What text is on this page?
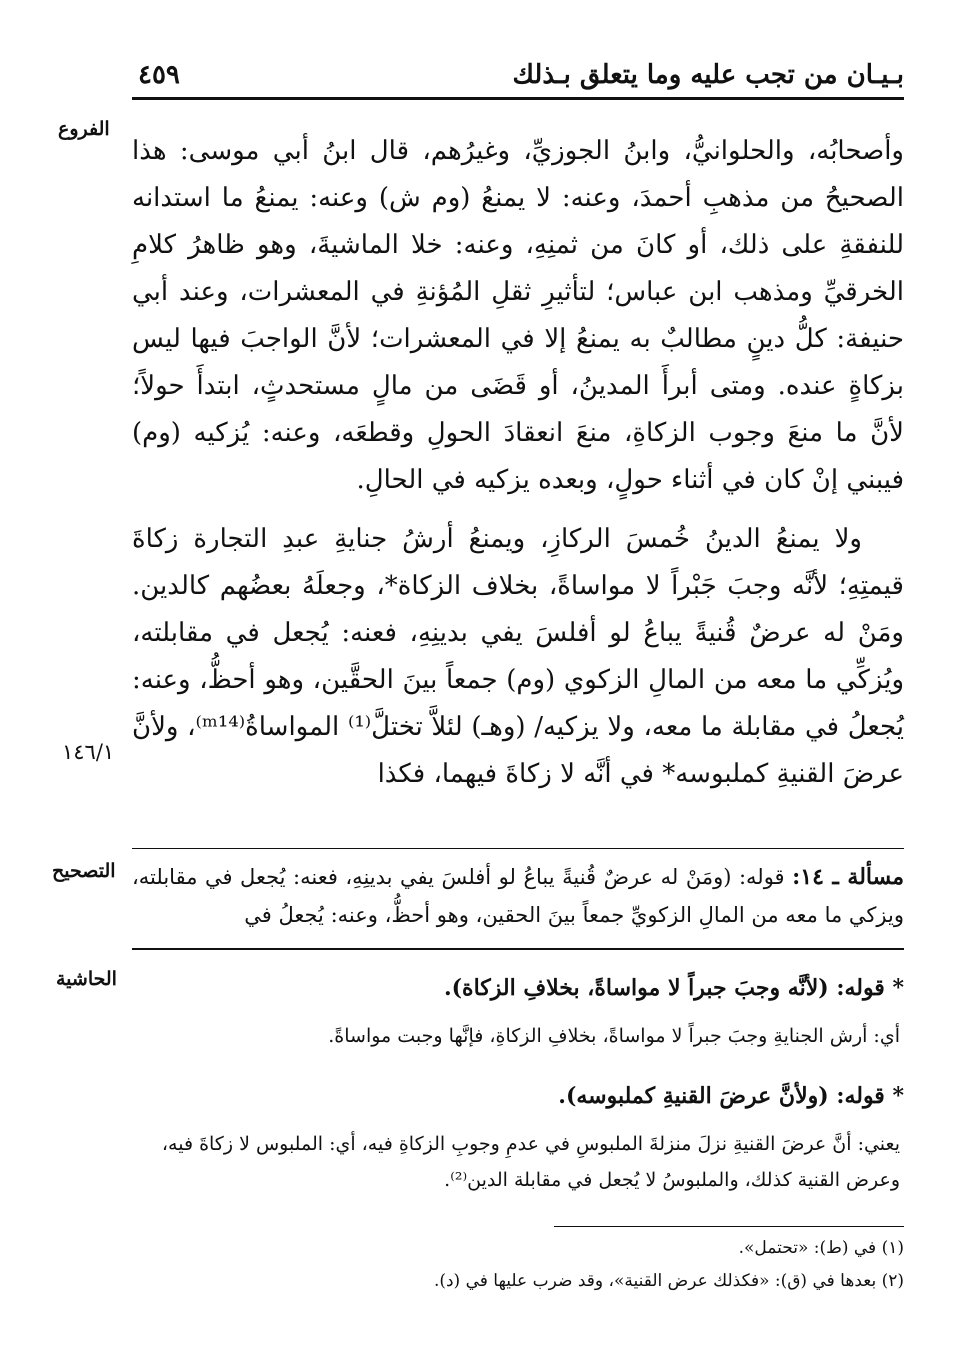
بـيـان من تجب عليه وما يتعلق بـذلك
٤٥٩
الفروع
١٤٦/١
التصحيح
الحاشية

وأصحابُه، والحلوانيُّ، وابنُ الجوزيِّ، وغيرُهم، قال ابنُ أبي موسى: هذا الصحيحُ من مذهبِ أحمدَ، وعنه: لا يمنعُ (وم ش) وعنه: يمنعُ ما استدانه للنفقةِ على ذلك، أو كانَ من ثمنِهِ، وعنه: خلا الماشيةَ، وهو ظاهرُ كلامِ الخرقيِّ ومذهب ابن عباس؛ لتأثيرِ ثقلِ المُؤنةِ في المعشرات، وعند أبي حنيفة: كلُّ دينٍ مطالبٌ به يمنعُ إلا في المعشرات؛ لأنَّ الواجبَ فيها ليس بزكاةٍ عنده. ومتى أبرأَ المدينُ، أو قَضَى من مالٍ مستحدثٍ، ابتدأَ حولاً؛ لأنَّ ما منعَ وجوب الزكاةِ، منعَ انعقادَ الحولِ وقطعَه، وعنه: يُزكيه (وم) فيبني إنْ كان في أثناء حولٍ، وبعده يزكيه في الحالِ.

ولا يمنعُ الدينُ خُمسَ الركازِ، ويمنعُ أرشُ جنايةِ عبدِ التجارة زكاةَ قيمتِهِ؛ لأنَّه وجبَ جَبْراً لا مواساةً، بخلاف الزكاة*، وجعلَهُ بعضُهم كالدين. ومَنْ له عرضٌ قُنيةً يباعُ لو أفلسَ يفي بدينِهِ، فعنه: يُجعل في مقابلته، ويُزكِّي ما معه من المالِ الزكوي (وم) جمعاً بينَ الحقَّين، وهو أحظُّ، وعنه: يُجعلُ في مقابلة ما معه، ولا يزكيه/ (وهـ) لئلاَّ تختلَّ⁽¹⁾ المواساةُ⁽ᵐ¹⁴⁾، ولأنَّ عرضَ القنيةِ كملبوسه* في أنَّه لا زكاةَ فيهما، فكذا

مسألة ـ ١٤: قوله: (ومَنْ له عرضٌ قُنيةً يباعُ لو أفلسَ يفي بدينِهِ، فعنه: يُجعل في مقابلته، ويزكي ما معه من المالِ الزكويِّ جمعاً بينَ الحقين، وهو أحظُّ، وعنه: يُجعلُ في
* قوله: (لأنَّه وجبَ جبراً لا مواساةً، بخلافِ الزكاة).
أي: أرش الجنايةِ وجبَ جبراً لا مواساةً، بخلافِ الزكاةِ، فإنَّها وجبت مواساةً.
* قوله: (ولأنَّ عرضَ القنيةِ كملبوسه).
يعني: أنَّ عرضَ القنيةِ نزلَ منزلةَ الملبوسِ في عدمِ وجوبِ الزكاةِ فيه، أي: الملبوس لا زكاةَ فيه، وعرض القنية كذلك، والملبوسُ لا يُجعل في مقابلة الدين⁽²⁾.
(١) في (ط): «تحتمل».
(٢) بعدها في (ق): «فكذلك عرض القنية»، وقد ضرب عليها في (د).
